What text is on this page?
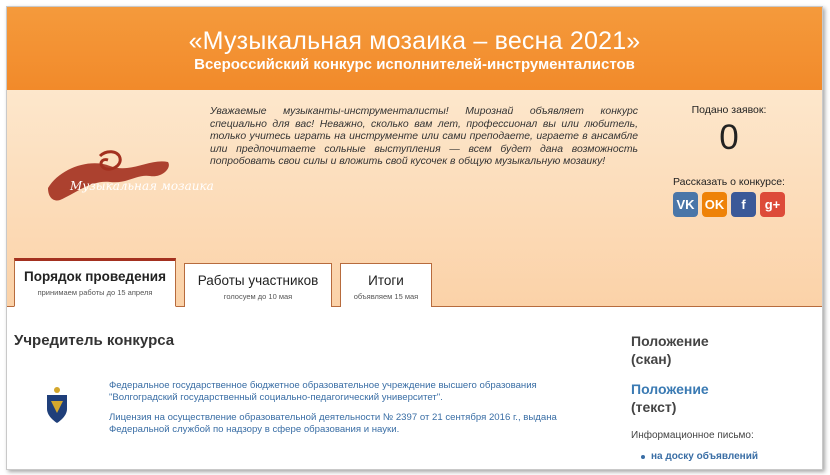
«Музыкальная мозаика – весна 2021»
Всероссийский конкурс исполнителей-инструменталистов
Музыкальная мозаика
Уважаемые музыканты-инструменталисты! Мирознай объявляет конкурс специально для вас! Неважно, сколько вам лет, профессионал вы или любитель, только учитесь играть на инструменте или сами преподаете, играете в ансамбле или предпочитаете сольные выступления — всем будет дана возможность попробовать свои силы и вложить свой кусочек в общую музыкальную мозаику!
Подано заявок:
0
Рассказать о конкурсе:
VK OK	f	g+
Порядок проведения
принимаем работы до 15 апреля
Работы участников
голосуем до 10 мая
Итоги
объявляем 15 мая
Учредитель конкурса

Федеральное государственное бюджетное образовательное учреждение высшего образования "Волгоградский государственный социально-педагогический университет".

Лицензия на осуществление образовательной деятельности № 2397 от 21 сентября 2016 г., выдана Федеральной службой по надзору в сфере образования и науки.

Положение
(скан)
Положение
(текст)
Информационное письмо:
на доску объявлений
